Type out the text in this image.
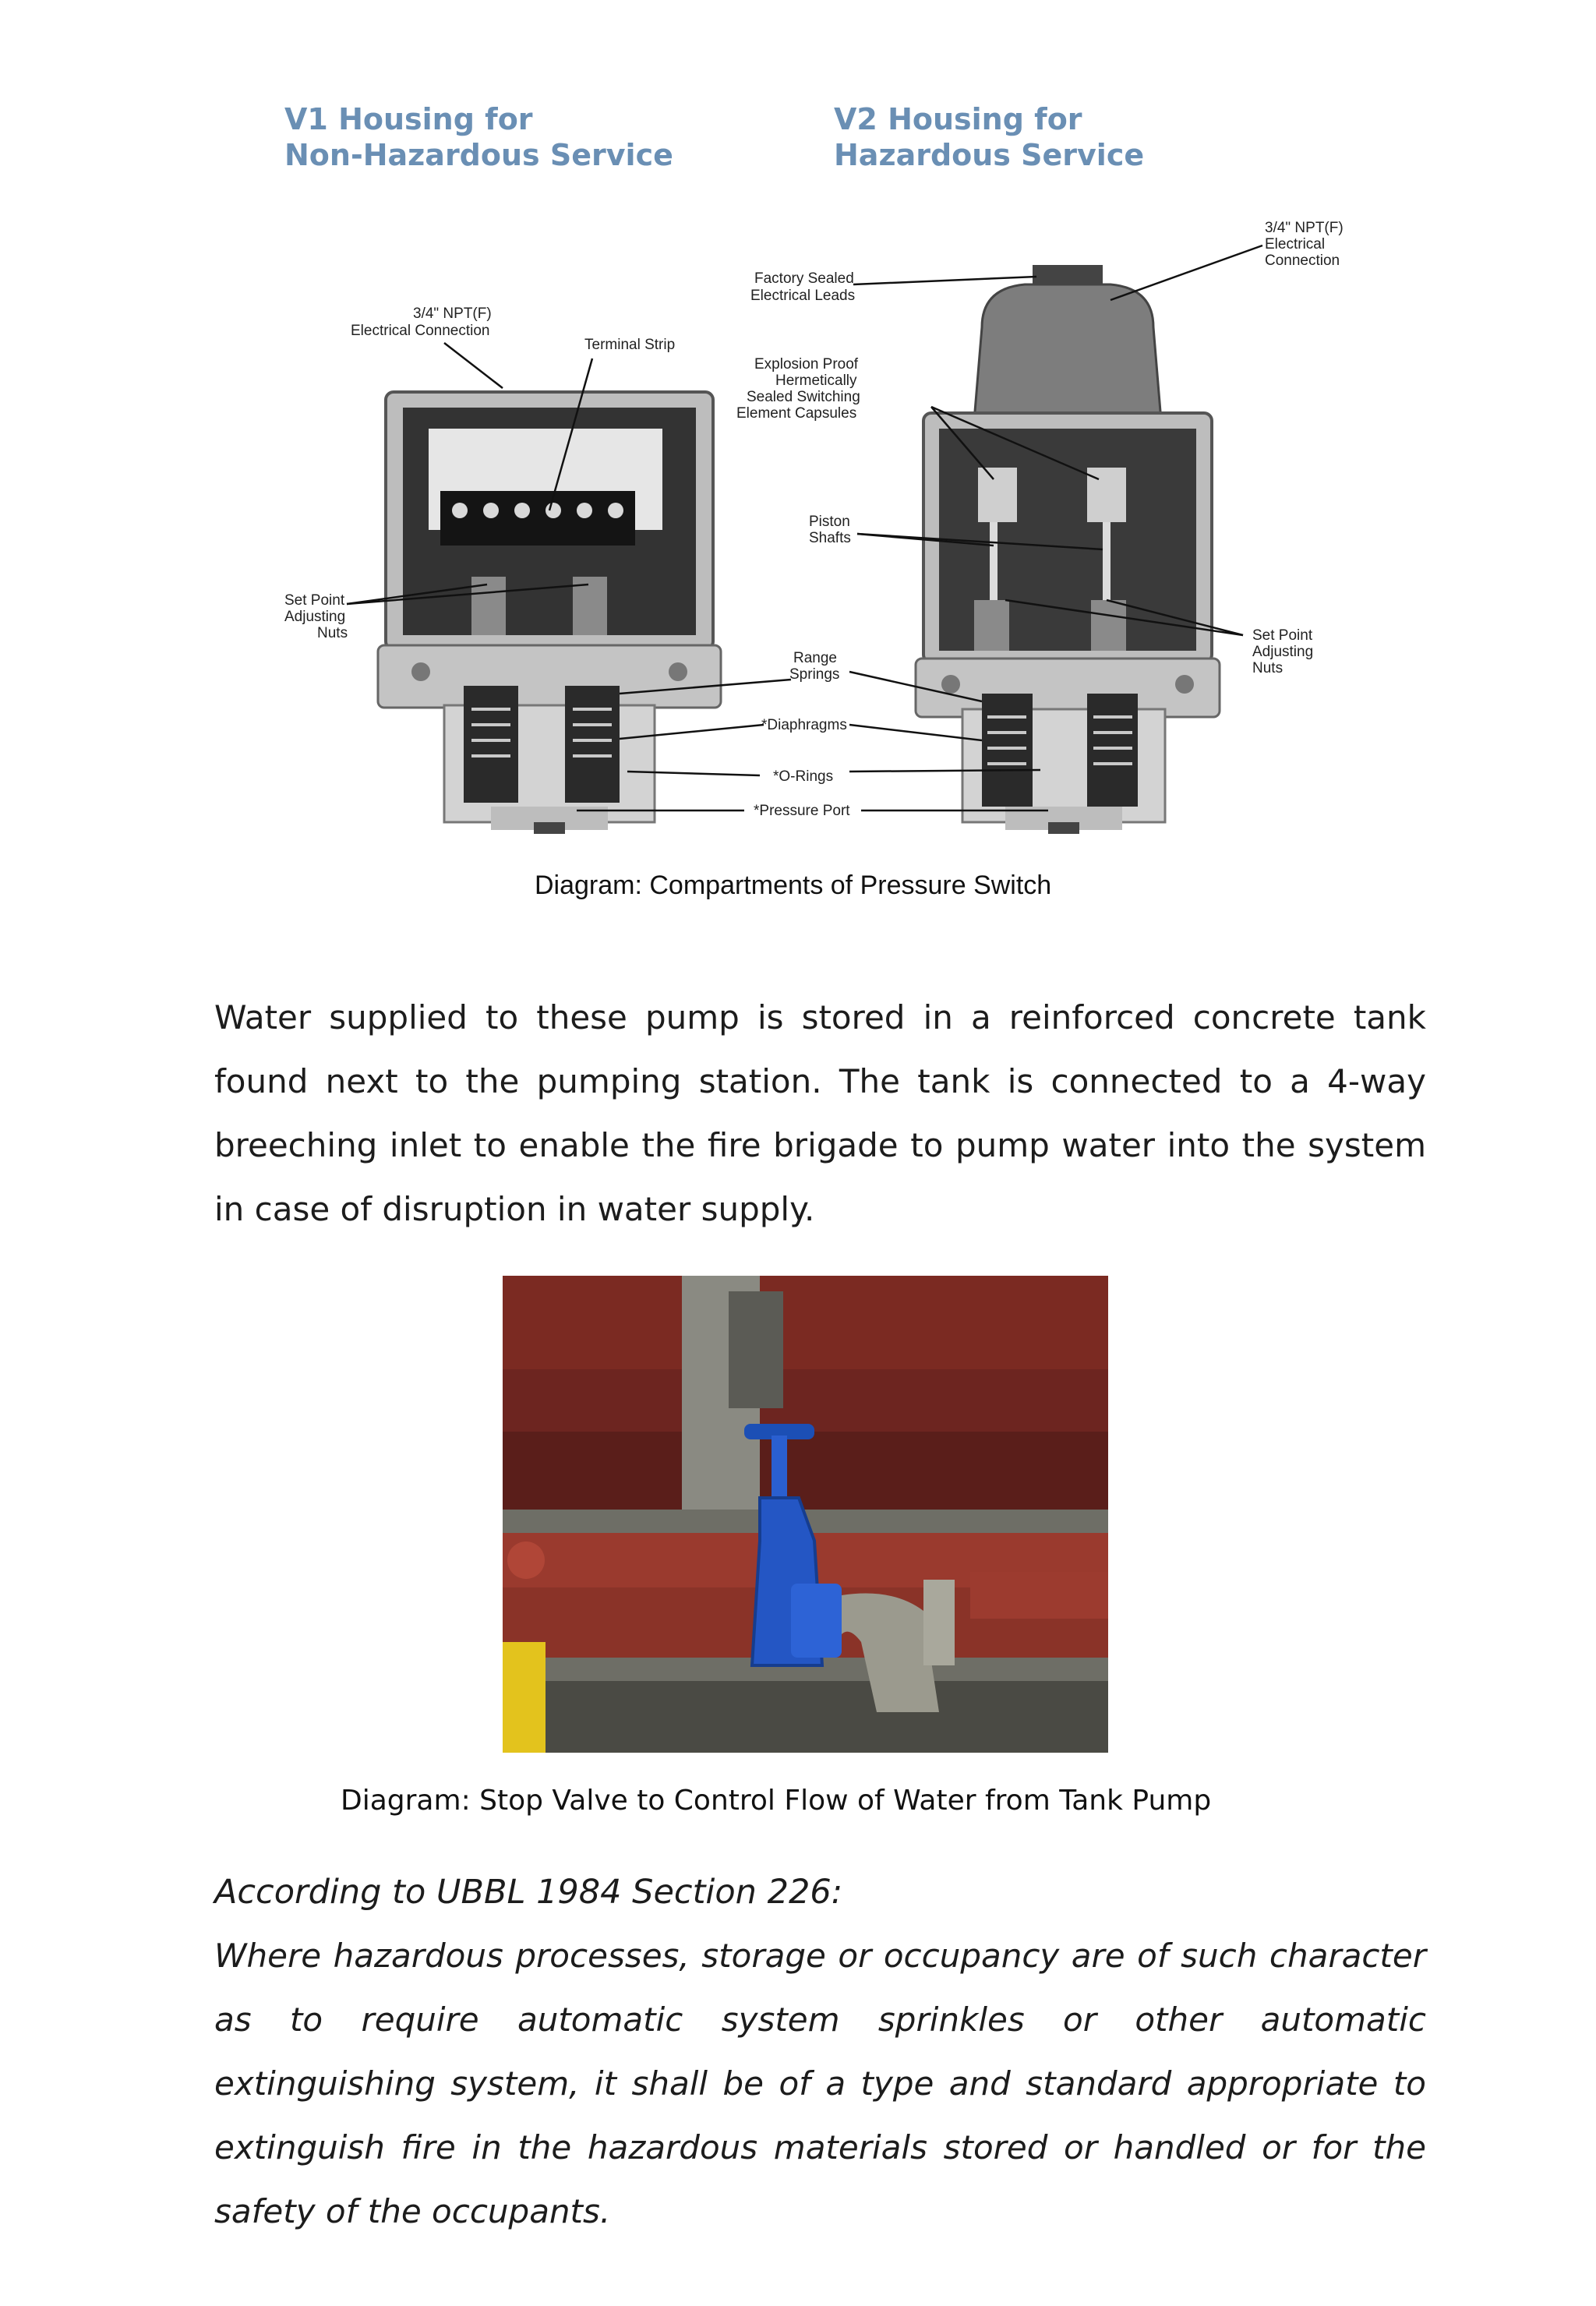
V1 Housing for
Non-Hazardous Service
V2 Housing for
Hazardous Service
3/4" NPT(F)
Electrical Connection
Terminal Strip
Factory Sealed
Electrical Leads
Explosion Proof
Hermetically
Sealed Switching
Element Capsules
Piston
Shafts
Set Point
Adjusting
Nuts
Range
Springs
*Diaphragms
*O-Rings
*Pressure Port
3/4" NPT(F)
Electrical
Connection
Set Point
Adjusting
Nuts
Diagram: Compartments of Pressure Switch
Water supplied to these pump is stored in a reinforced concrete tank found next to the pumping station. The tank is connected to a 4-way breeching inlet to enable the fire brigade to pump water into the system in case of disruption in water supply.
Diagram: Stop Valve to Control Flow of Water from Tank Pump
According to UBBL 1984 Section 226:
Where hazardous processes, storage or occupancy are of such character as to require automatic system sprinkles or other automatic extinguishing system, it shall be of a type and standard appropriate to extinguish fire in the hazardous materials stored or handled or for the safety of the occupants.
